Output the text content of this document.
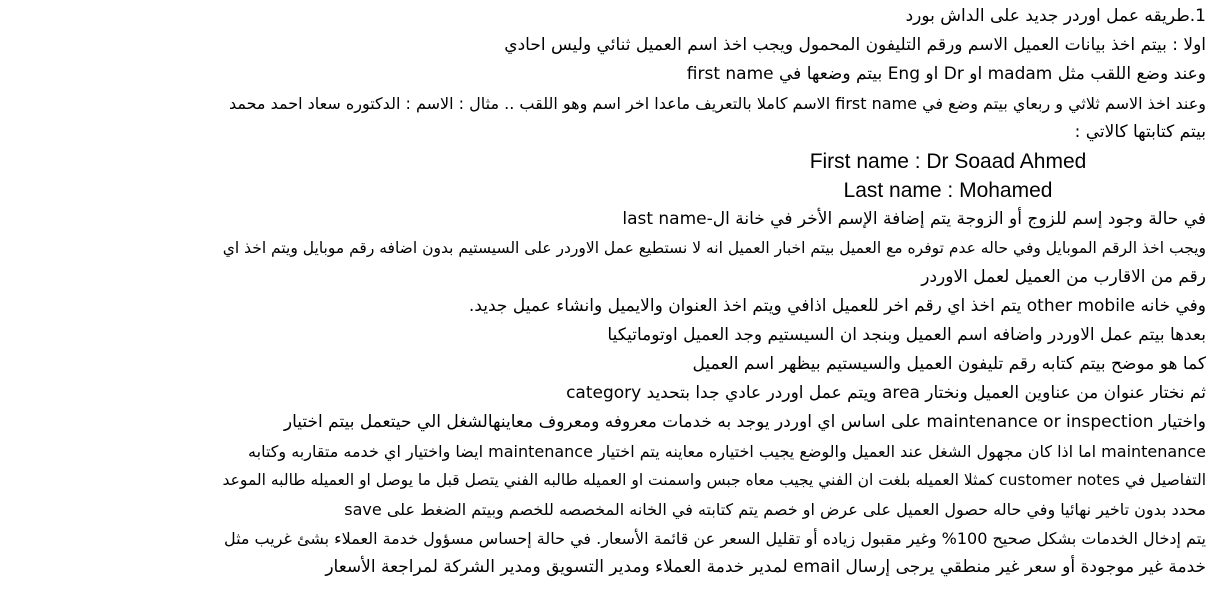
1.طريقه عمل اوردر جديد على الداش بورد
اولا : بيتم اخذ بيانات العميل الاسم ورقم التليفون المحمول ويجب اخذ اسم العميل ثنائي وليس احادي
وعند وضع اللقب مثل madam او Dr او Eng بيتم وضعها في first name
وعند اخذ الاسم ثلاثي و ربعاي بيتم وضع في first name الاسم كاملا بالتعريف ماعدا اخر اسم وهو اللقب .. مثال : الاسم : الدكتوره سعاد احمد محمد
بيتم كتابتها كالاتي :
First name : Dr Soaad Ahmed
Last name : Mohamed
في حالة وجود إسم للزوج أو الزوجة يتم إضافة الإسم الأخر في خانة ال-last name
ويجب اخذ الرقم الموبايل وفي حاله عدم توفره مع العميل بيتم اخبار العميل انه لا نستطيع عمل الاوردر على السيستيم بدون اضافه رقم موبايل ويتم اخذ اي
رقم من الاقارب من العميل لعمل الاوردر
وفي خانه other mobile يتم اخذ اي رقم اخر للعميل اذافي ويتم اخذ العنوان والايميل وانشاء عميل جديد.
بعدها بيتم عمل الاوردر واضافه اسم العميل وبنجد ان السيستيم وجد العميل اوتوماتيكيا
كما هو موضح بيتم كتابه رقم تليفون العميل والسيستيم بيظهر اسم العميل
ثم نختار عنوان من عناوين العميل ونختار area ويتم عمل اوردر عادي جدا بتحديد category
واختيار maintenance or inspection على اساس اي اوردر يوجد به خدمات معروفه ومعروف معاينهالشغل الي حيتعمل بيتم اختيار
maintenance اما اذا كان مجهول الشغل عند العميل والوضع يجيب اختياره معاينه يتم اختيار maintenance ايضا واختيار اي خدمه متقاربه وكتابه
التفاصيل في customer notes كمثلا العميله بلغت ان الفني يجيب معاه جبس واسمنت او العميله طالبه الفني يتصل قبل ما يوصل او العميله طالبه الموعد
محدد بدون تاخير نهائيا وفي حاله حصول العميل على عرض او خصم يتم كتابته في الخانه المخصصه للخصم وبيتم الضغط على save
يتم إدخال الخدمات بشكل صحيح 100% وغير مقبول زياده أو تقليل السعر عن قائمة الأسعار. في حالة إحساس مسؤول خدمة العملاء بشئ غريب مثل
خدمة غير موجودة أو سعر غير منطقي يرجى إرسال email لمدير خدمة العملاء ومدير التسويق ومدير الشركة لمراجعة الأسعار
